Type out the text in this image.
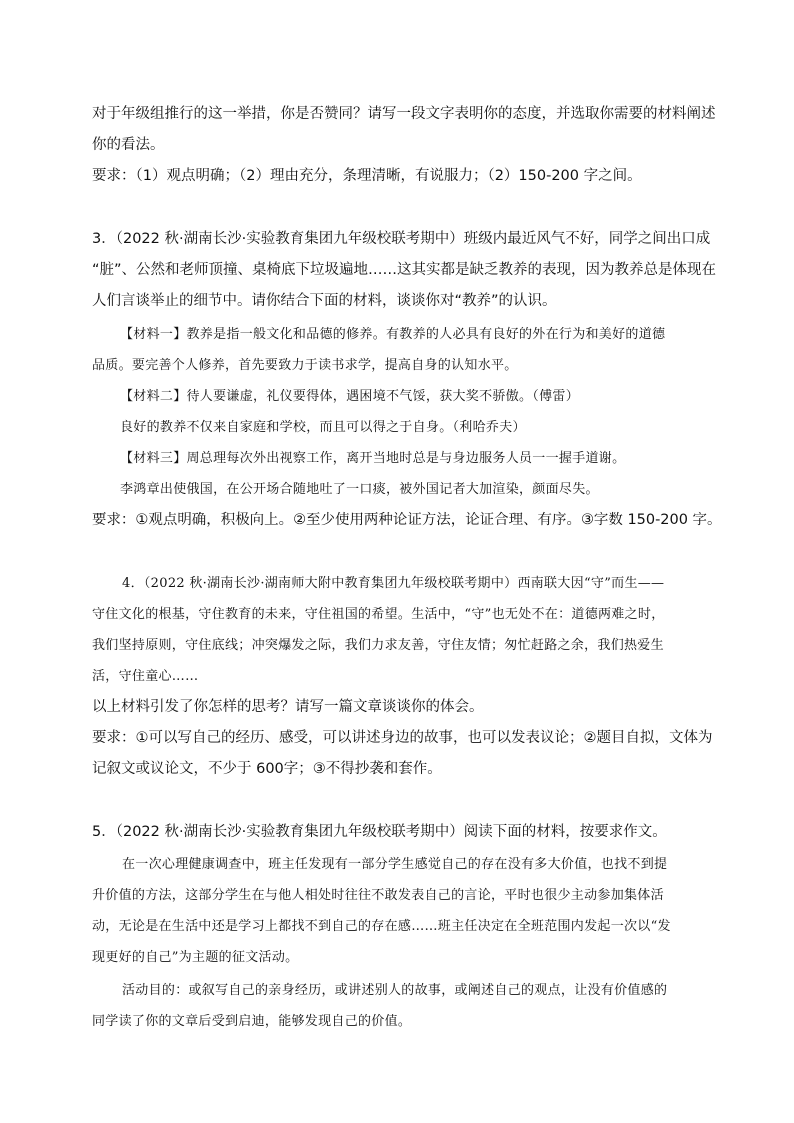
对于年级组推行的这一举措，你是否赞同？请写一段文字表明你的态度，并选取你需要的材料阐述
你的看法。
要求：（1）观点明确；（2）理由充分，条理清晰，有说服力；（2）150-200 字之间。
3．（2022 秋·湖南长沙·实验教育集团九年级校联考期中）班级内最近风气不好，同学之间出口成
“脏”、公然和老师顶撞、桌椅底下垃圾遍地……这其实都是缺乏教养的表现，因为教养总是体现在
人们言谈举止的细节中。请你结合下面的材料，谈谈你对“教养”的认识。
【材料一】教养是指一般文化和品德的修养。有教养的人必具有良好的外在行为和美好的道德
品质。要完善个人修养，首先要致力于读书求学，提高自身的认知水平。
【材料二】待人要谦虚，礼仪要得体，遇困境不气馁，获大奖不骄傲。（傅雷）
良好的教养不仅来自家庭和学校，而且可以得之于自身。（利哈乔夫）
【材料三】周总理每次外出视察工作，离开当地时总是与身边服务人员一一握手道谢。
李鸿章出使俄国，在公开场合随地吐了一口痰，被外国记者大加渲染，颜面尽失。
要求：①观点明确，积极向上。②至少使用两种论证方法，论证合理、有序。③字数 150-200 字。
4．（2022 秋·湖南长沙·湖南师大附中教育集团九年级校联考期中）西南联大因“守”而生——
守住文化的根基，守住教育的未来，守住祖国的希望。生活中，“守”也无处不在：道德两难之时，
我们坚持原则，守住底线；冲突爆发之际，我们力求友善，守住友情；匆忙赶路之余，我们热爱生
活，守住童心……
以上材料引发了你怎样的思考？请写一篇文章谈谈你的体会。
要求：①可以写自己的经历、感受，可以讲述身边的故事，也可以发表议论；②题目自拟，文体为
记叙文或议论文，不少于 600字；③不得抄袭和套作。
5．（2022 秋·湖南长沙·实验教育集团九年级校联考期中）阅读下面的材料，按要求作文。
在一次心理健康调查中，班主任发现有一部分学生感觉自己的存在没有多大价值，也找不到提
升价值的方法，这部分学生在与他人相处时往往不敢发表自己的言论，平时也很少主动参加集体活
动，无论是在生活中还是学习上都找不到自己的存在感……班主任决定在全班范围内发起一次以“发
现更好的自己”为主题的征文活动。
活动目的：或叙写自己的亲身经历，或讲述别人的故事，或阐述自己的观点，让没有价值感的
同学读了你的文章后受到启迪，能够发现自己的价值。
